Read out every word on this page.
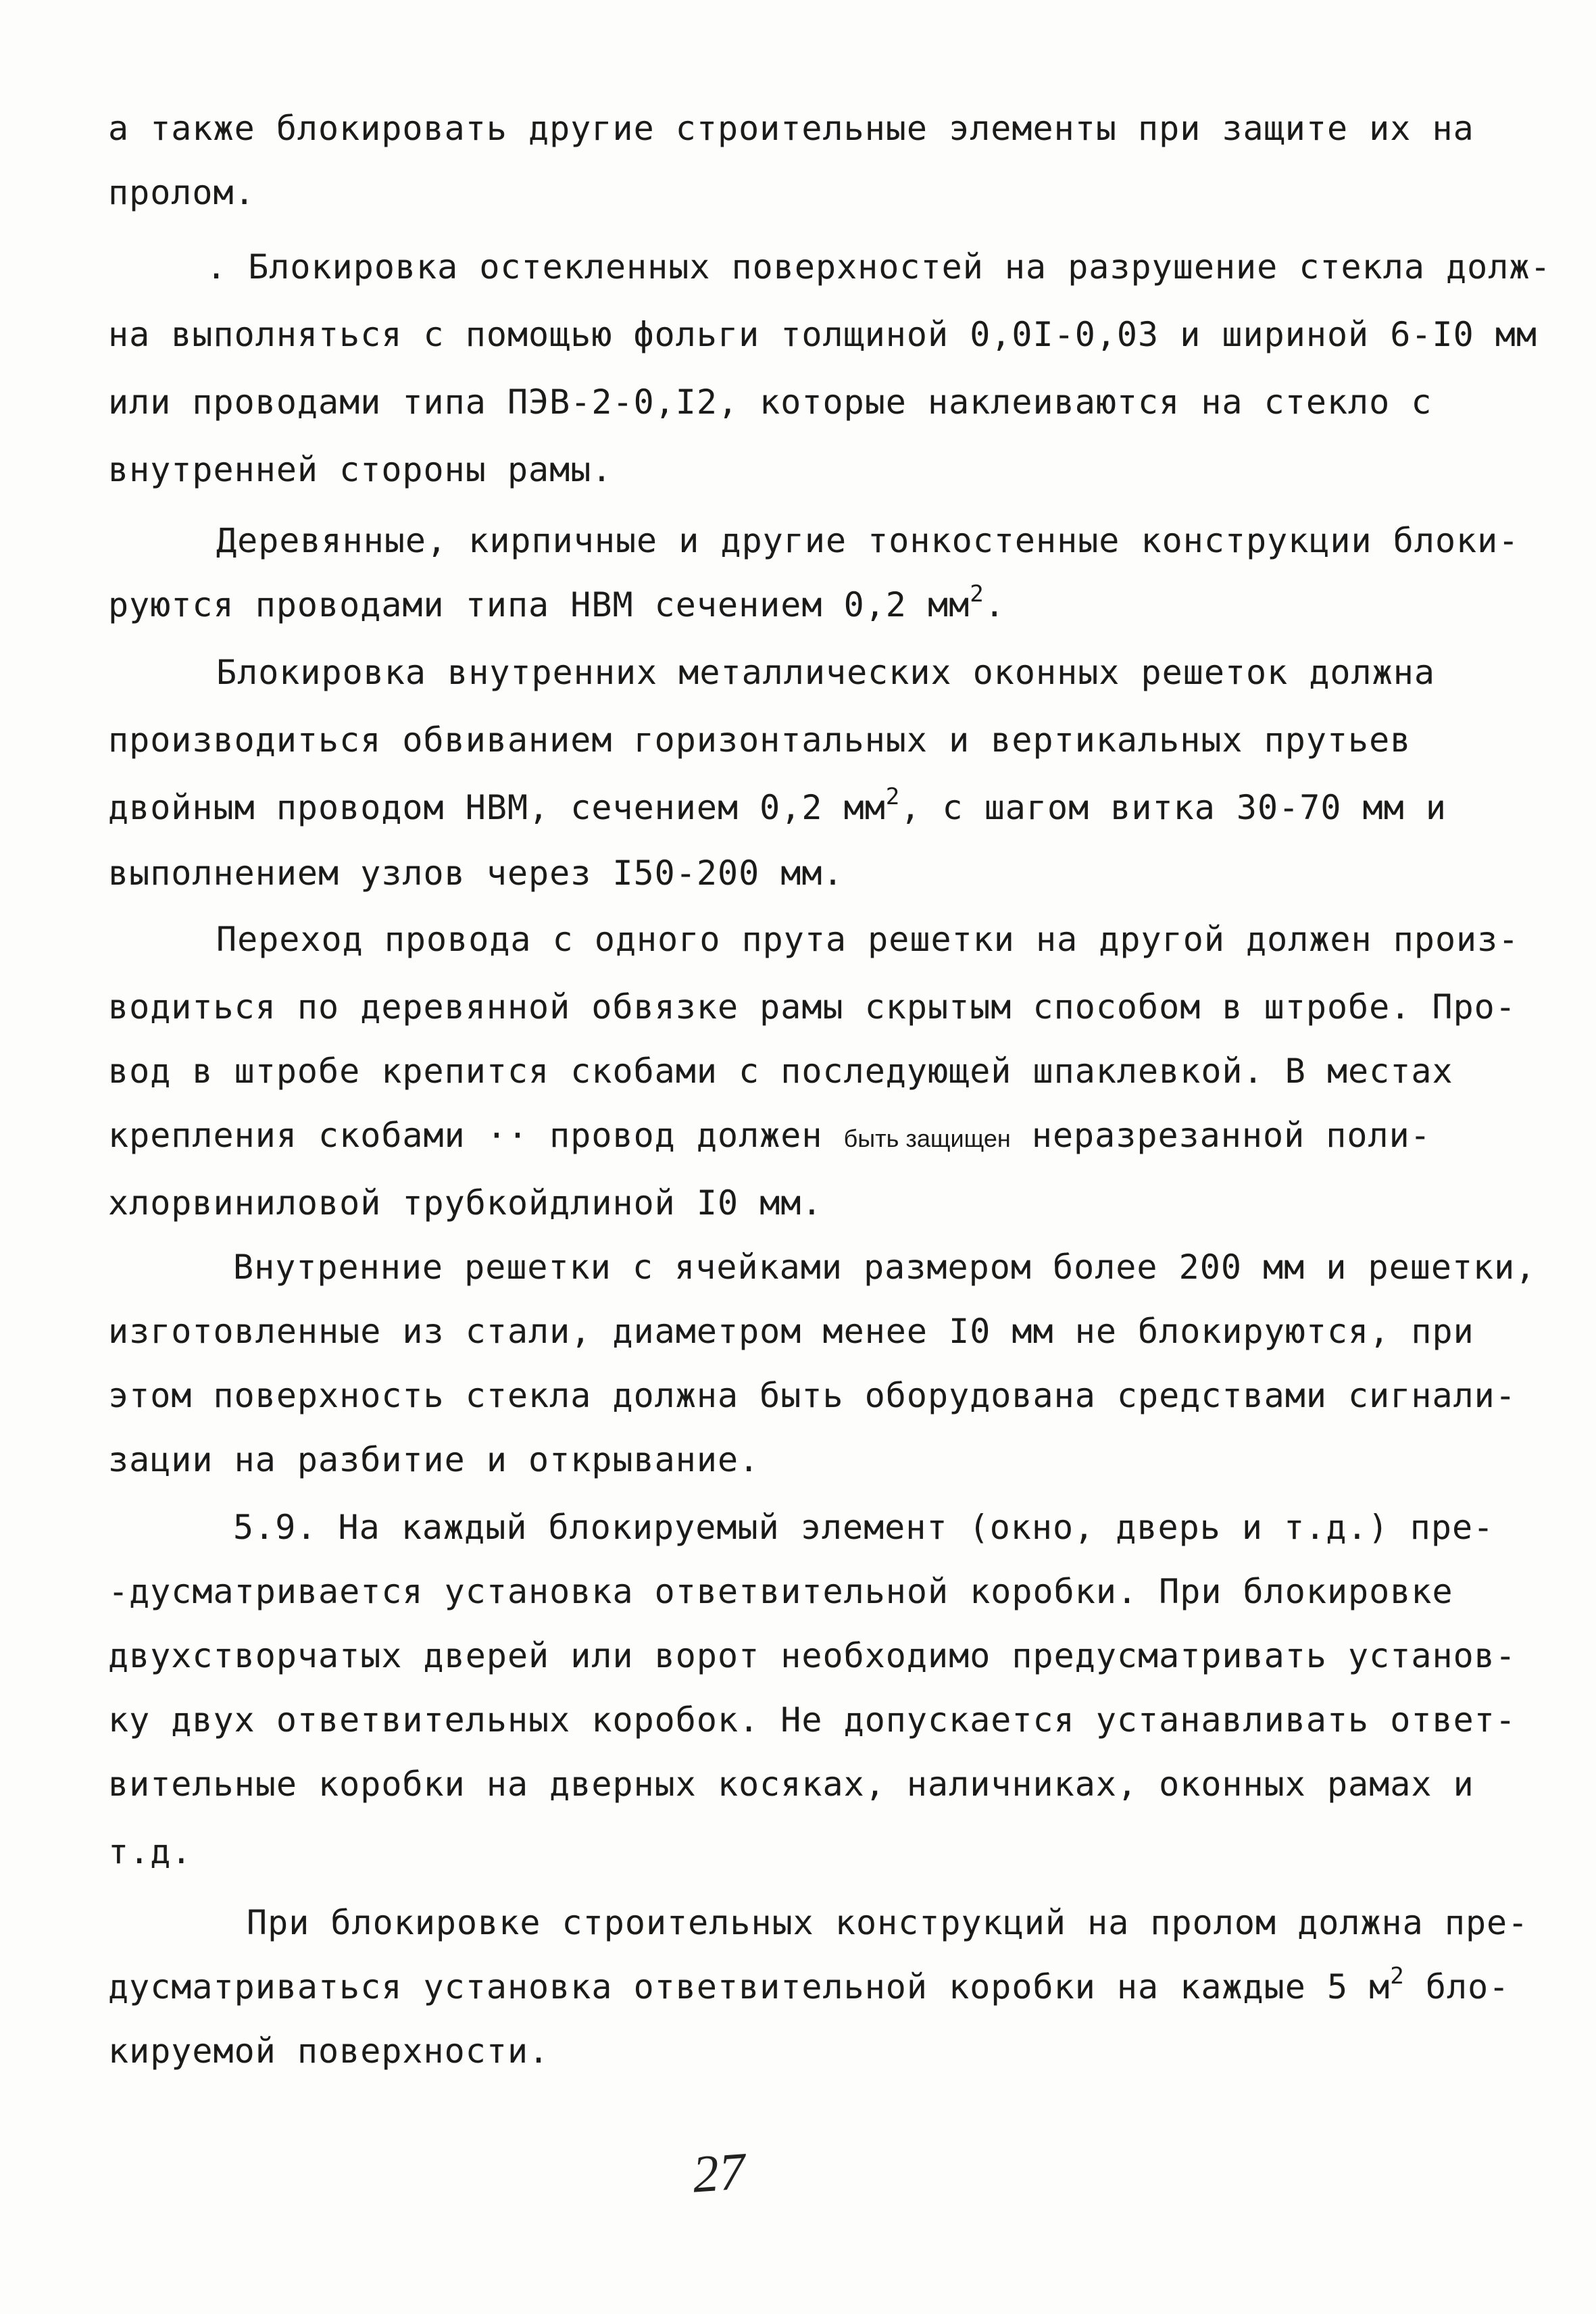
а также блокировать другие строительные элементы при защите их на
пролом.
. Блокировка остекленных поверхностей на разрушение стекла долж-
на выполняться с помощью фольги толщиной 0,0I-0,03 и шириной 6-I0 мм
или проводами типа ПЭВ-2-0,I2, которые наклеиваются на стекло с
внутренней стороны рамы.
Деревянные, кирпичные и другие тонкостенные конструкции блоки-
руются проводами типа НВМ сечением 0,2 $мм^2$.
Блокировка внутренних металлических оконных решеток должна
производиться обвиванием горизонтальных и вертикальных прутьев
двойным проводом НВМ, сечением 0,2 $мм^2$, с шагом витка 30-70 мм и
выполнением узлов через I50-200 мм.
Переход провода с одного прута решетки на другой должен произ-
водиться по деревянной обвязке рамы скрытым способом в штробе. Про-
вод в штробе крепится скобами с последующей шпаклевкой. В местах
крепления скобами ·· провод должен быть защищен неразрезанной поли-
хлорвиниловой трубкойдлиной I0 мм.
Внутренние решетки с ячейками размером более 200 мм и решетки,
изготовленные из стали, диаметром менее I0 мм не блокируются, при
этом поверхность стекла должна быть оборудована средствами сигнали-
зации на разбитие и открывание.
5.9. На каждый блокируемый элемент (окно, дверь и т.д.) пре-
-дусматривается установка ответвительной коробки. При блокировке
двухстворчатых дверей или ворот необходимо предусматривать установ-
ку двух ответвительных коробок. Не допускается устанавливать ответ-
вительные коробки на дверных косяках, наличниках, оконных рамах и
т.д.
При блокировке строительных конструкций на пролом должна пре-
дусматриваться установка ответвительной коробки на каждые 5 $м^2$ бло-
кируемой поверхности.
27
